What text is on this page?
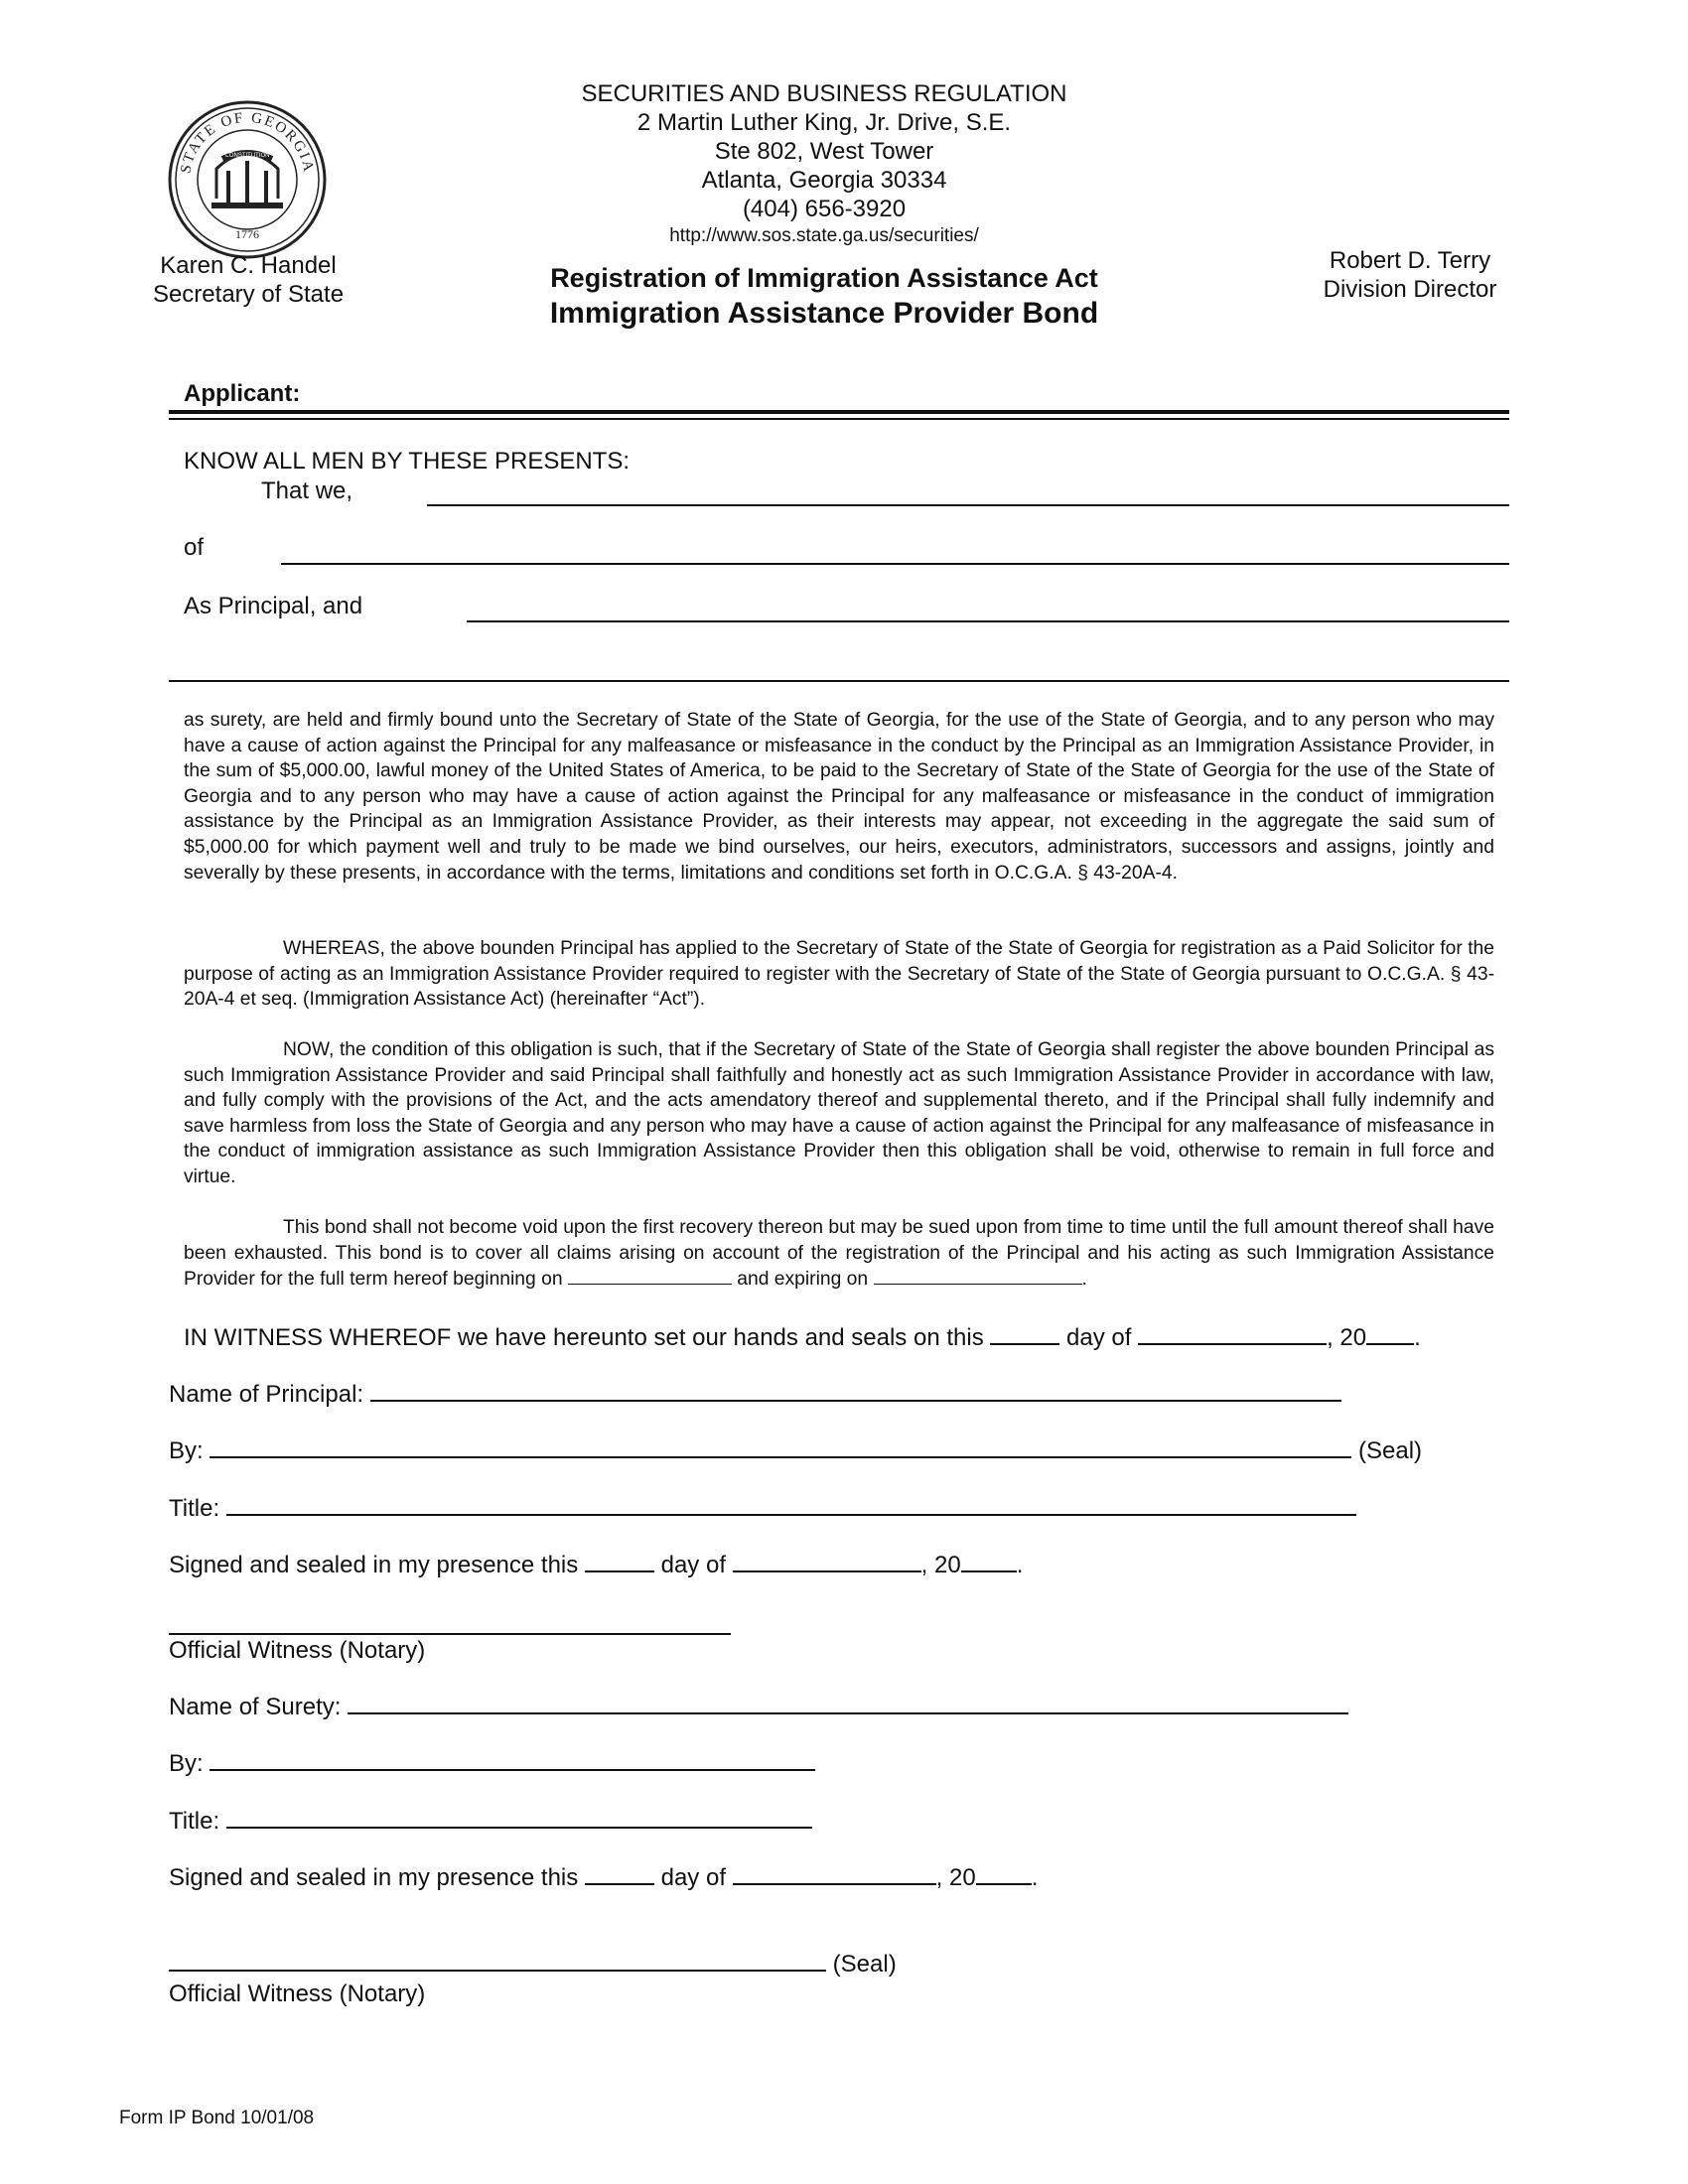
STATE OF GEORGIA
CONSTITUTION
1776
SECURITIES AND BUSINESS REGULATION
2 Martin Luther King, Jr. Drive, S.E.
Ste 802, West Tower
Atlanta, Georgia 30334
(404) 656-3920
http://www.sos.state.ga.us/securities/
Karen C. Handel
Secretary of State
Robert D. Terry
Division Director
Registration of Immigration Assistance Act
Immigration Assistance Provider Bond
Applicant:
KNOW ALL MEN BY THESE PRESENTS:
That we,
of
As Principal, and
as surety, are held and firmly bound unto the Secretary of State of the State of Georgia, for the use of the State of Georgia, and to any person who may have a cause of action against the Principal for any malfeasance or misfeasance in the conduct by the Principal as an Immigration Assistance Provider, in the sum of $5,000.00, lawful money of the United States of America, to be paid to the Secretary of State of the State of Georgia for the use of the State of Georgia and to any person who may have a cause of action against the Principal for any malfeasance or misfeasance in the conduct of immigration assistance by the Principal as an Immigration Assistance Provider, as their interests may appear, not exceeding in the aggregate the said sum of $5,000.00 for which payment well and truly to be made we bind ourselves, our heirs, executors, administrators, successors and assigns, jointly and severally by these presents, in accordance with the terms, limitations and conditions set forth in O.C.G.A. § 43-20A-4.
WHEREAS, the above bounden Principal has applied to the Secretary of State of the State of Georgia for registration as a Paid Solicitor for the purpose of acting as an Immigration Assistance Provider required to register with the Secretary of State of the State of Georgia pursuant to O.C.G.A. § 43-20A-4 et seq. (Immigration Assistance Act) (hereinafter “Act”).
NOW, the condition of this obligation is such, that if the Secretary of State of the State of Georgia shall register the above bounden Principal as such Immigration Assistance Provider and said Principal shall faithfully and honestly act as such Immigration Assistance Provider in accordance with law, and fully comply with the provisions of the Act, and the acts amendatory thereof and supplemental thereto, and if the Principal shall fully indemnify and save harmless from loss the State of Georgia and any person who may have a cause of action against the Principal for any malfeasance of misfeasance in the conduct of immigration assistance as such Immigration Assistance Provider then this obligation shall be void, otherwise to remain in full force and virtue.
This bond shall not become void upon the first recovery thereon but may be sued upon from time to time until the full amount thereof shall have been exhausted. This bond is to cover all claims arising on account of the registration of the Principal and his acting as such Immigration Assistance Provider for the full term hereof beginning on	and expiring on	.
IN WITNESS WHEREOF we have hereunto set our hands and seals on this	day of	, 20 .
Name of Principal:
By:	(Seal)
Title:
Signed and sealed in my presence this	day of	, 20 .
Official Witness (Notary)
Name of Surety:
By:
Title:
Signed and sealed in my presence this	day of	, 20 .
(Seal)
Official Witness (Notary)
Form IP Bond 10/01/08
